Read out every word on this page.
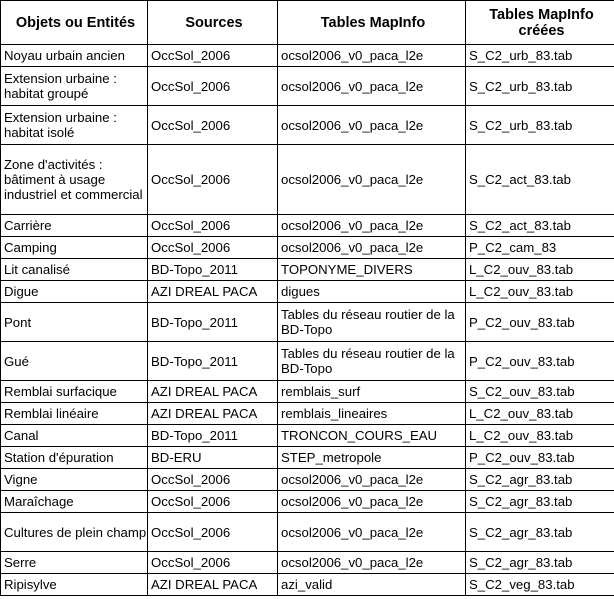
Objets ou Entités	Sources	Tables MapInfo	Tables MapInfo créées
Noyau urbain ancien	OccSol_2006	ocsol2006_v0_paca_l2e	S_C2_urb_83.tab
Extension urbaine : habitat groupé	OccSol_2006	ocsol2006_v0_paca_l2e	S_C2_urb_83.tab
Extension urbaine : habitat isolé	OccSol_2006	ocsol2006_v0_paca_l2e	S_C2_urb_83.tab
Zone d'activités : bâtiment à usage industriel et commercial	OccSol_2006	ocsol2006_v0_paca_l2e	S_C2_act_83.tab
Carrière	OccSol_2006	ocsol2006_v0_paca_l2e	S_C2_act_83.tab
Camping	OccSol_2006	ocsol2006_v0_paca_l2e	P_C2_cam_83
Lit canalisé	BD-Topo_2011	TOPONYME_DIVERS	L_C2_ouv_83.tab
Digue	AZI DREAL PACA	digues	L_C2_ouv_83.tab
Pont	BD-Topo_2011	Tables du réseau routier de la BD-Topo	P_C2_ouv_83.tab
Gué	BD-Topo_2011	Tables du réseau routier de la BD-Topo	P_C2_ouv_83.tab
Remblai surfacique	AZI DREAL PACA	remblais_surf	S_C2_ouv_83.tab
Remblai linéaire	AZI DREAL PACA	remblais_lineaires	L_C2_ouv_83.tab
Canal	BD-Topo_2011	TRONCON_COURS_EAU	L_C2_ouv_83.tab
Station d'épuration	BD-ERU	STEP_metropole	P_C2_ouv_83.tab
Vigne	OccSol_2006	ocsol2006_v0_paca_l2e	S_C2_agr_83.tab
Maraîchage	OccSol_2006	ocsol2006_v0_paca_l2e	S_C2_agr_83.tab
Cultures de plein champ	OccSol_2006	ocsol2006_v0_paca_l2e	S_C2_agr_83.tab
Serre	OccSol_2006	ocsol2006_v0_paca_l2e	S_C2_agr_83.tab
Ripisylve	AZI DREAL PACA	azi_valid	S_C2_veg_83.tab
